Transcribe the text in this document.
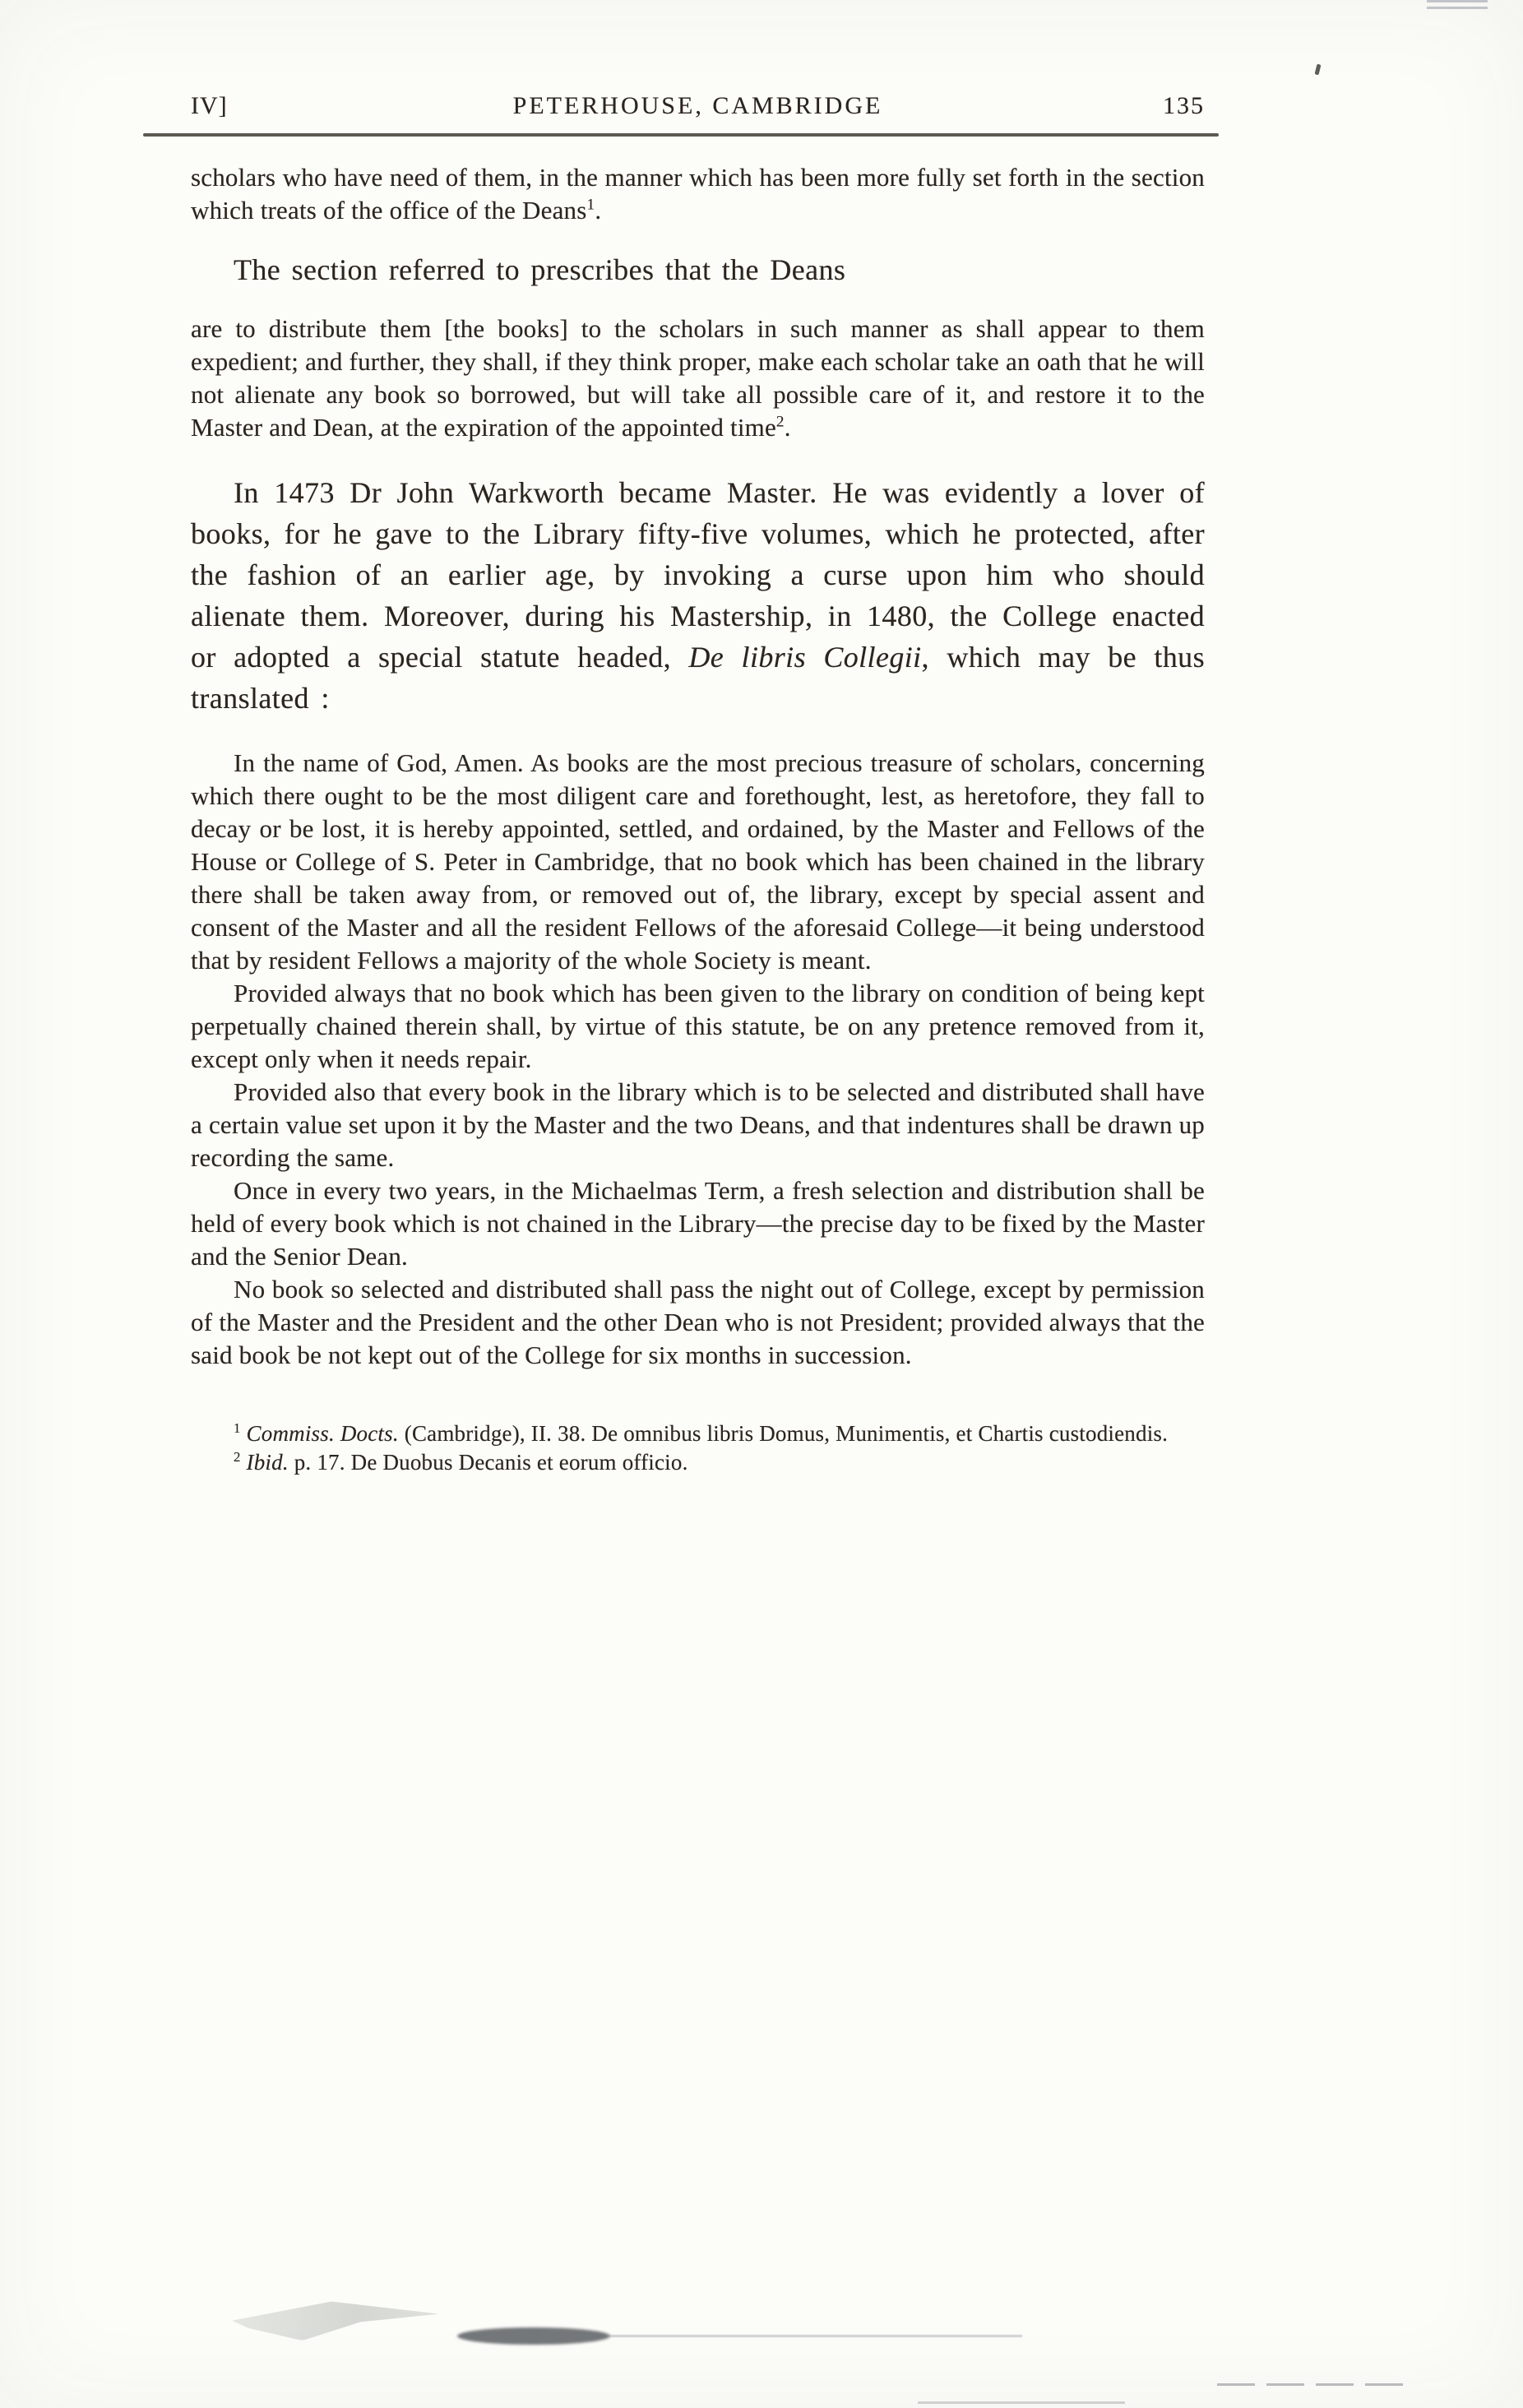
IV]	PETERHOUSE, CAMBRIDGE	135

scholars who have need of them, in the manner which has been more fully set forth in the section which treats of the office of the Deans$^1$.

The section referred to prescribes that the Deans

are to distribute them [the books] to the scholars in such manner as shall appear to them expedient; and further, they shall, if they think proper, make each scholar take an oath that he will not alienate any book so borrowed, but will take all possible care of it, and restore it to the Master and Dean, at the expiration of the appointed time$^2$.

In 1473 Dr John Warkworth became Master. He was evidently a lover of books, for he gave to the Library fifty-five volumes, which he protected, after the fashion of an earlier age, by invoking a curse upon him who should alienate them. Moreover, during his Mastership, in 1480, the College enacted or adopted a special statute headed, De libris Collegii, which may be thus translated :

In the name of God, Amen. As books are the most precious treasure of scholars, concerning which there ought to be the most diligent care and forethought, lest, as heretofore, they fall to decay or be lost, it is hereby appointed, settled, and ordained, by the Master and Fellows of the House or College of S. Peter in Cambridge, that no book which has been chained in the library there shall be taken away from, or removed out of, the library, except by special assent and consent of the Master and all the resident Fellows of the aforesaid College—it being understood that by resident Fellows a majority of the whole Society is meant.

Provided always that no book which has been given to the library on condition of being kept perpetually chained therein shall, by virtue of this statute, be on any pretence removed from it, except only when it needs repair.

Provided also that every book in the library which is to be selected and distributed shall have a certain value set upon it by the Master and the two Deans, and that indentures shall be drawn up recording the same.

Once in every two years, in the Michaelmas Term, a fresh selection and distribution shall be held of every book which is not chained in the Library—the precise day to be fixed by the Master and the Senior Dean.

No book so selected and distributed shall pass the night out of College, except by permission of the Master and the President and the other Dean who is not President; provided always that the said book be not kept out of the College for six months in succession.

$^1$ Commiss. Docts. (Cambridge), II. 38. De omnibus libris Domus, Munimentis, et Chartis custodiendis.

$^2$ Ibid. p. 17. De Duobus Decanis et eorum officio.
